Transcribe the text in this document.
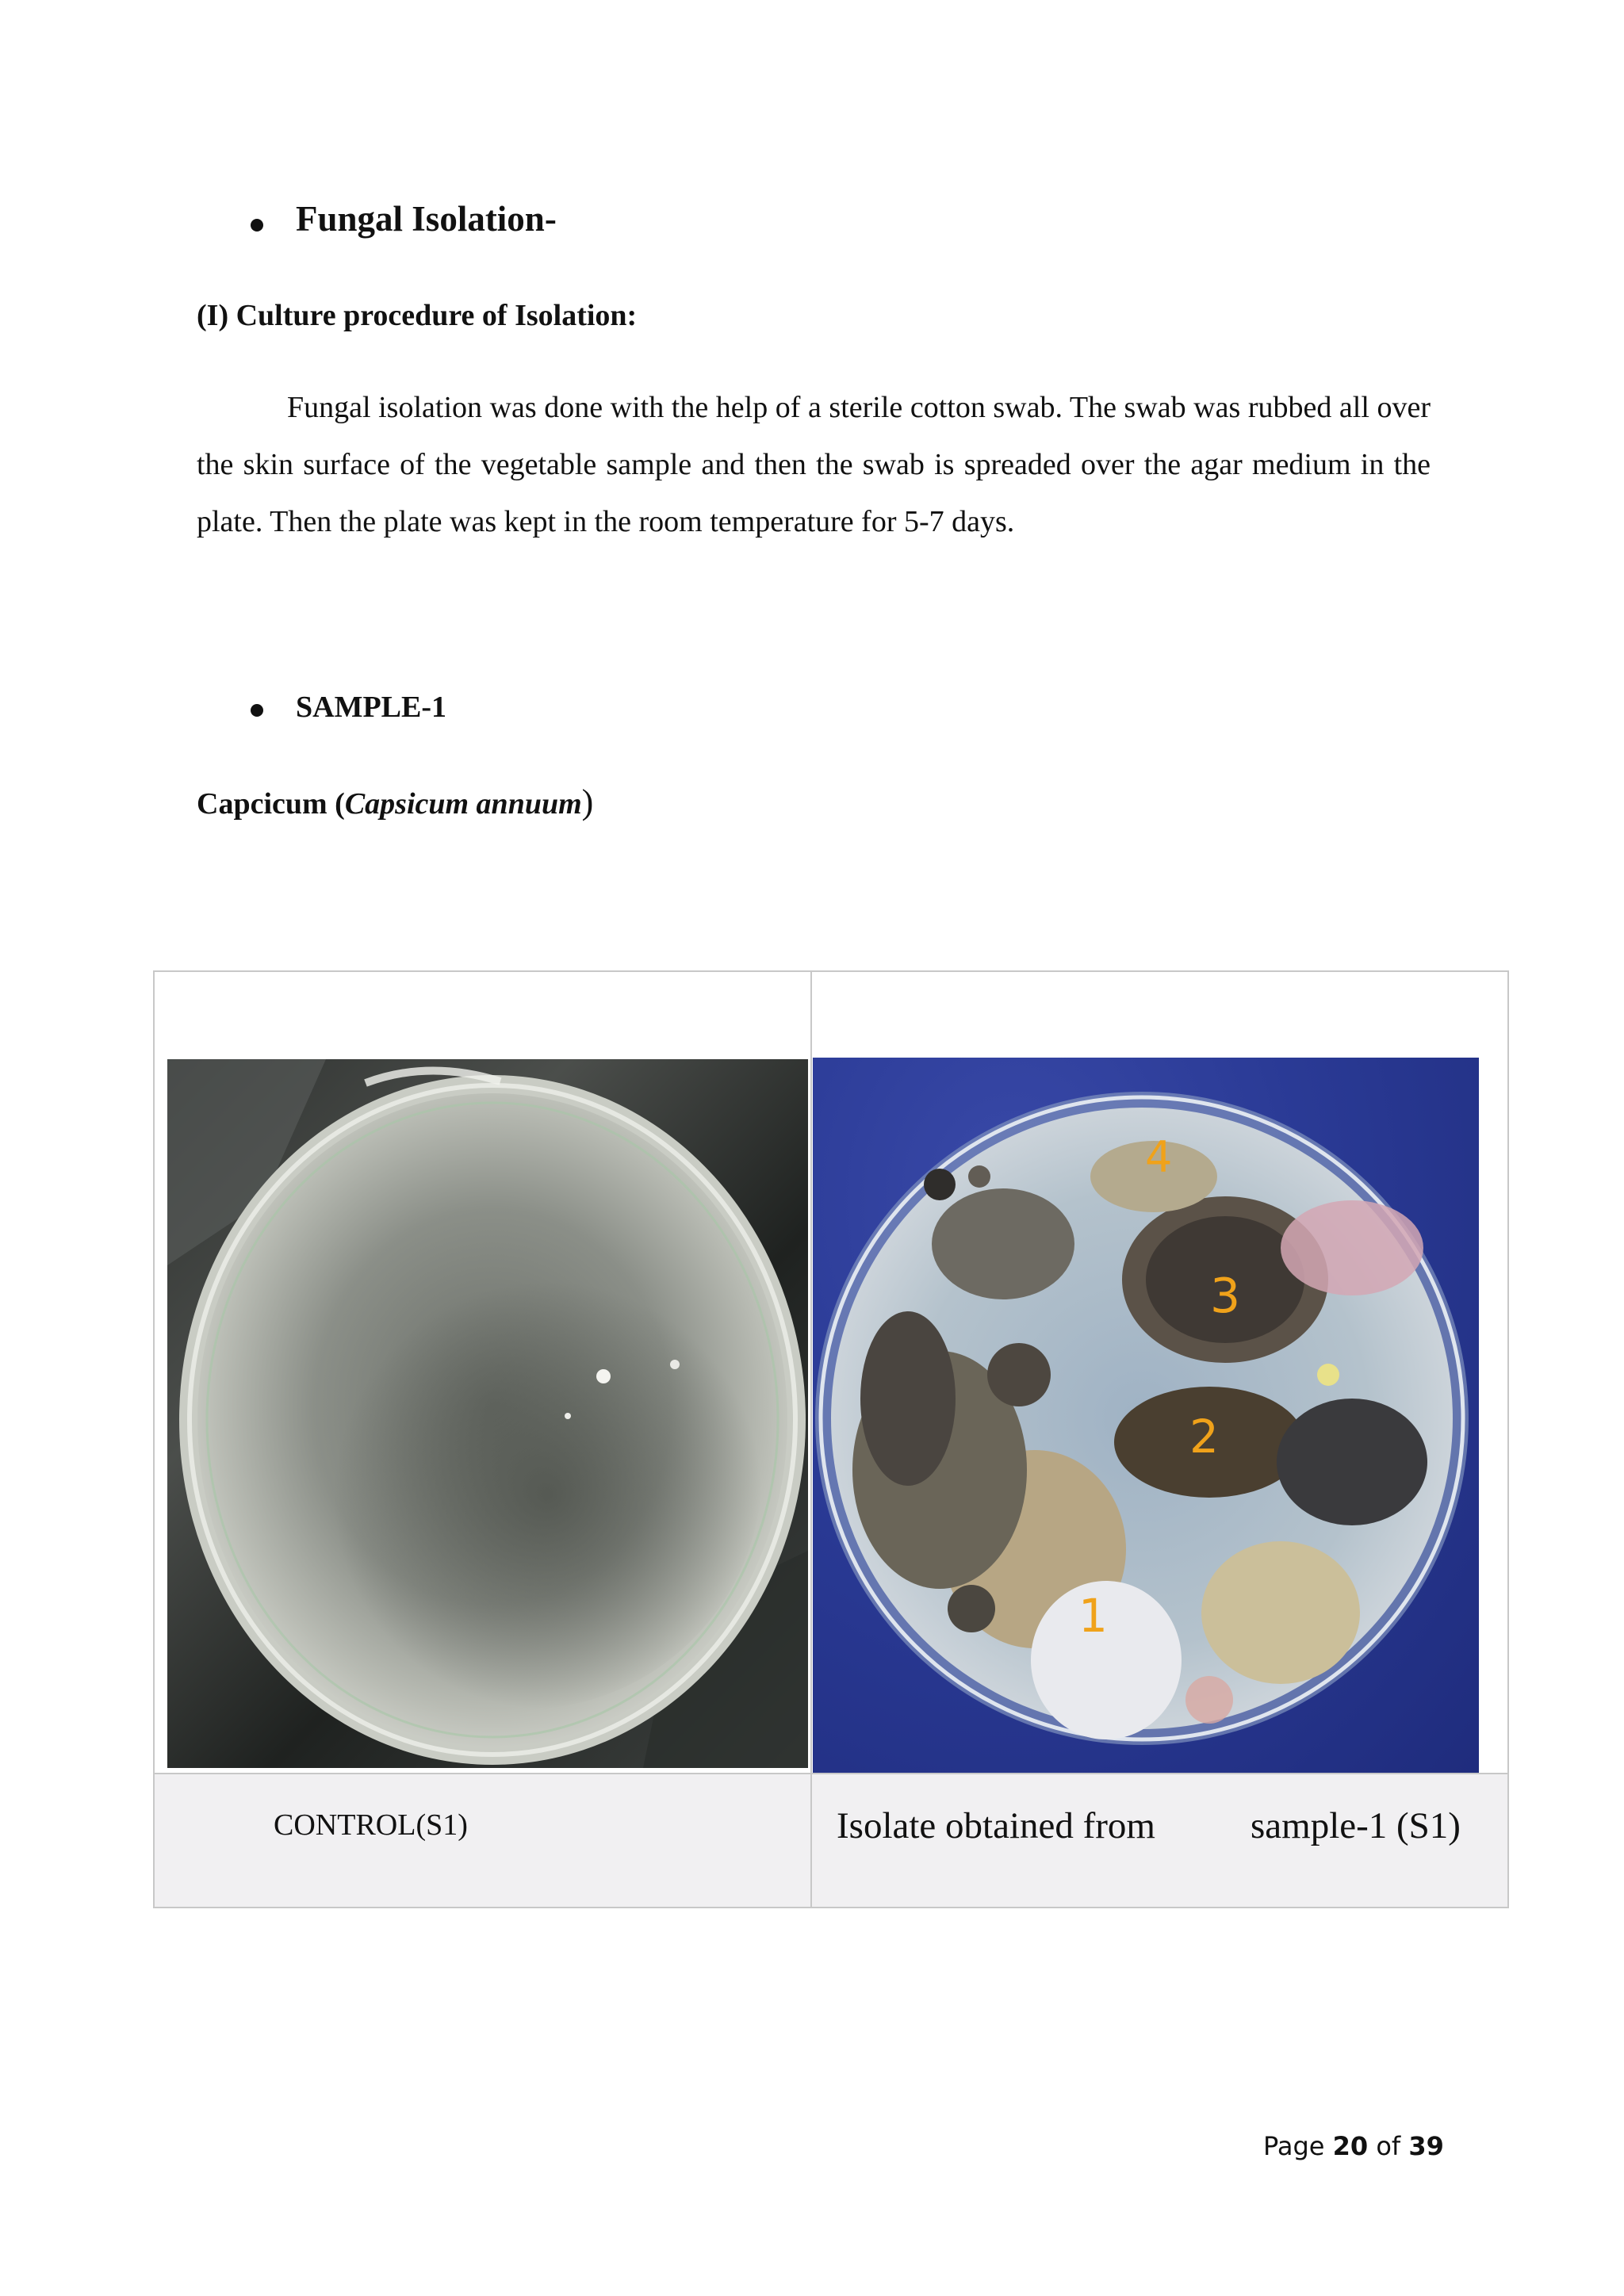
Fungal Isolation-
(I) Culture procedure of Isolation:
Fungal isolation was done with the help of a sterile cotton swab. The swab was rubbed all over the skin surface of the vegetable sample and then the swab is spreaded over the agar medium in the plate. Then the plate was kept in the room temperature for 5-7 days.
SAMPLE-1
Capcicum (Capsicum annuum)
4
3
2
1
CONTROL(S1)	Isolate obtained from	sample-1 (S1)
Page 20 of 39
